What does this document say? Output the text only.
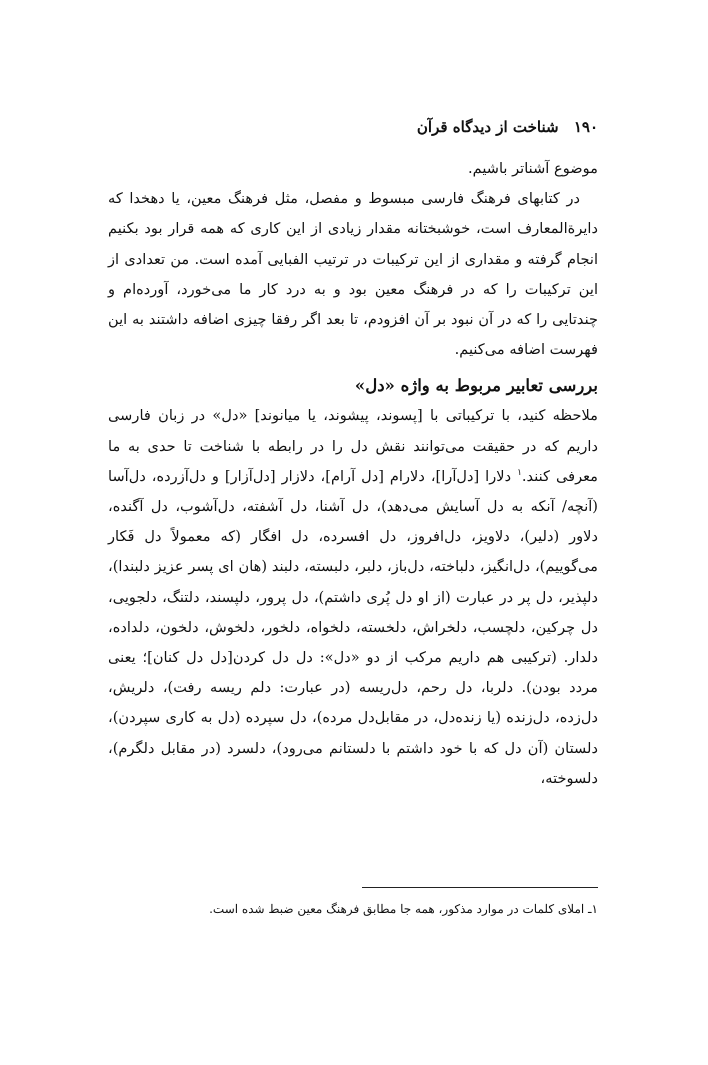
۱۹۰ شناخت از دیدگاه قرآن

موضوع آشناتر باشیم.

در کتابهای فرهنگ فارسی مبسوط و مفصل، مثل فرهنگ معین، یا دهخدا که دایرةالمعارف است، خوشبختانه مقدار زیادی از این کاری که همه قرار بود بکنیم انجام گرفته و مقداری از این ترکیبات در ترتیب الفبایی آمده است. من تعدادی از این ترکیبات را که در فرهنگ معین بود و به درد کار ما می‌خورد، آورده‌ام و چندتایی را که در آن نبود بر آن افزودم، تا بعد اگر رفقا چیزی اضافه داشتند به این فهرست اضافه می‌کنیم.

بررسی تعابیر مربوط به واژه «دل»

ملاحظه کنید، با ترکیباتی با [پسوند، پیشوند، یا میانوند] «دل» در زبان فارسی داریم که در حقیقت می‌توانند نقش دل را در رابطه با شناخت تا حدی به ما معرفی کنند.$^۱$ دلارا [دل‌آرا]، دلارام [دل آرام]، دلازار [دل‌آزار] و دل‌آزرده، دل‌آسا (آنچه/ آنکه به دل آسایش می‌دهد)، دل آشنا، دل آشفته، دل‌آشوب، دل آگنده، دلاور (دلیر)، دلاویز، دل‌افروز، دل افسرده، دل افگار (که معمولاً دل فَکار می‌گوییم)، دل‌انگیز، دلباخته، دل‌باز، دلبر، دلبسته، دلبند (هان ای پسر عزیز دلبندا)، دلپذیر، دل پر در عبارت (از او دل پُری داشتم)، دل پرور، دلپسند، دلتنگ، دلجویی، دل چرکین، دلچسب، دلخراش، دلخسته، دلخواه، دلخور، دلخوش، دلخون، دلداده، دلدار. (ترکیبی هم داریم مرکب از دو «دل»: دل دل کردن[دل دل کنان]؛ یعنی مردد بودن). دلربا، دل رحم، دل‌ریسه (در عبارت: دلم ریسه رفت)، دلریش، دل‌زده، دل‌زنده (یا زنده‌دل، در مقابل‌دل مرده)، دل سپرده (دل به کاری سپردن)، دلستان (آن دل که با خود داشتم با دلستانم می‌رود)، دلسرد (در مقابل دلگرم)، دلسوخته،

۱ـ املای کلمات در موارد مذکور، همه جا مطابق فرهنگ معین ضبط شده است.
